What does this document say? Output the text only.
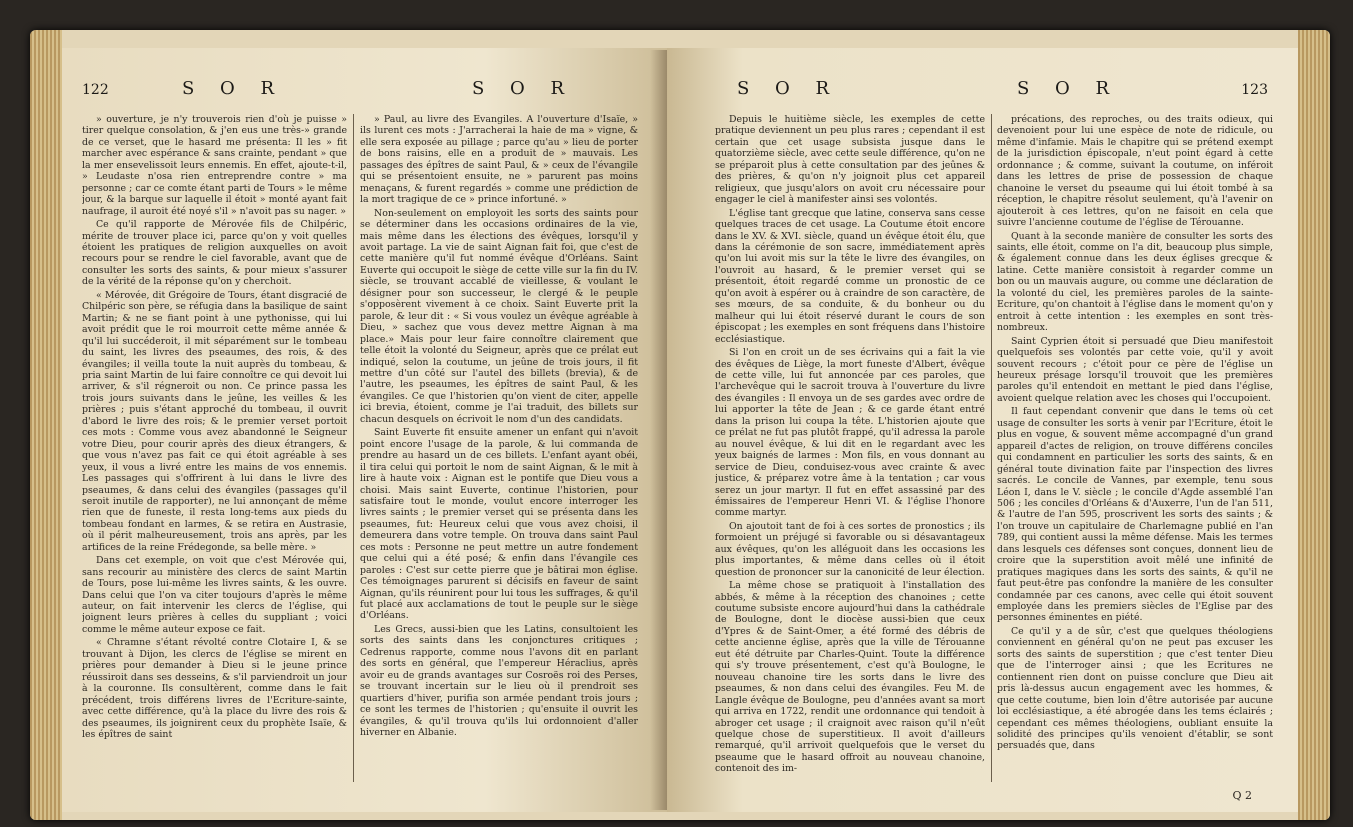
122	S O R	S O R

» ouverture, je n'y trouverois rien d'où je puisse » tirer quelque consolation, & j'en eus une très-» grande de ce verset, que le hasard me présenta: Il les » fit marcher avec espérance & sans crainte, pendant » que la mer ensevelissoit leurs ennemis. En effet, ajoute-t-il, » Leudaste n'osa rien entreprendre contre » ma personne ; car ce comte étant parti de Tours » le même jour, & la barque sur laquelle il étoit » monté ayant fait naufrage, il auroit été noyé s'il » n'avoit pas su nager. »

Ce qu'il rapporte de Mérovée fils de Chilpéric, mérite de trouver place ici, parce qu'on y voit quelles étoient les pratiques de religion auxquelles on avoit recours pour se rendre le ciel favorable, avant que de consulter les sorts des saints, & pour mieux s'assurer de la vérité de la réponse qu'on y cherchoit.

« Mérovée, dit Grégoire de Tours, étant disgracié de Chilpéric son père, se réfugia dans la basilique de saint Martin; & ne se fiant point à une pythonisse, qui lui avoit prédit que le roi mourroit cette même année & qu'il lui succéderoit, il mit séparément sur le tombeau du saint, les livres des pseaumes, des rois, & des évangiles; il veilla toute la nuit auprès du tombeau, & pria saint Martin de lui faire connoître ce qui devoit lui arriver, & s'il régneroit ou non. Ce prince passa les trois jours suivants dans le jeûne, les veilles & les prières ; puis s'étant approché du tombeau, il ouvrit d'abord le livre des rois; & le premier verset portoit ces mots : Comme vous avez abandonné le Seigneur votre Dieu, pour courir après des dieux étrangers, & que vous n'avez pas fait ce qui étoit agréable à ses yeux, il vous a livré entre les mains de vos ennemis. Les passages qui s'offrirent à lui dans le livre des pseaumes, & dans celui des évangiles (passages qu'il seroit inutile de rapporter), ne lui annonçant de même rien que de funeste, il resta long-tems aux pieds du tombeau fondant en larmes, & se retira en Austrasie, où il périt malheureusement, trois ans après, par les artifices de la reine Frédegonde, sa belle mère. »

Dans cet exemple, on voit que c'est Mérovée qui, sans recourir au ministère des clercs de saint Martin de Tours, pose lui-même les livres saints, & les ouvre. Dans celui que l'on va citer toujours d'après le même auteur, on fait intervenir les clercs de l'église, qui joignent leurs prières à celles du suppliant ; voici comme le même auteur expose ce fait.

« Chramne s'étant révolté contre Clotaire I, & se trouvant à Dijon, les clercs de l'église se mirent en prières pour demander à Dieu si le jeune prince réussiroit dans ses desseins, & s'il parviendroit un jour à la couronne. Ils consultèrent, comme dans le fait précédent, trois différens livres de l'Ecriture-sainte, avec cette différence, qu'à la place du livre des rois & des pseaumes, ils joignirent ceux du prophète Isaïe, & les épîtres de saint

» Paul, au livre des Evangiles. A l'ouverture d'Isaïe, » ils lurent ces mots : J'arracherai la haie de ma » vigne, & elle sera exposée au pillage ; parce qu'au » lieu de porter de bons raisins, elle en a produit de » mauvais. Les passages des épîtres de saint Paul, & » ceux de l'évangile qui se présentoient ensuite, ne » parurent pas moins menaçans, & furent regardés » comme une prédiction de la mort tragique de ce » prince infortuné. »

Non-seulement on employoit les sorts des saints pour se déterminer dans les occasions ordinaires de la vie, mais même dans les élections des évêques, lorsqu'il y avoit partage. La vie de saint Aignan fait foi, que c'est de cette manière qu'il fut nommé évêque d'Orléans. Saint Euverte qui occupoit le siège de cette ville sur la fin du IV. siècle, se trouvant accablé de vieillesse, & voulant le désigner pour son successeur, le clergé & le peuple s'opposèrent vivement à ce choix. Saint Euverte prit la parole, & leur dit : « Si vous voulez un évêque agréable à Dieu, » sachez que vous devez mettre Aignan à ma place.» Mais pour leur faire connoître clairement que telle étoit la volonté du Seigneur, après que ce prélat eut indiqué, selon la coutume, un jeûne de trois jours, il fit mettre d'un côté sur l'autel des billets (brevia), & de l'autre, les pseaumes, les épîtres de saint Paul, & les évangiles. Ce que l'historien qu'on vient de citer, appelle ici brevia, étoient, comme je l'ai traduit, des billets sur chacun desquels on écrivoit le nom d'un des candidats.

Saint Euverte fit ensuite amener un enfant qui n'avoit point encore l'usage de la parole, & lui commanda de prendre au hasard un de ces billets. L'enfant ayant obéi, il tira celui qui portoit le nom de saint Aignan, & le mit à lire à haute voix : Aignan est le pontife que Dieu vous a choisi. Mais saint Euverte, continue l'historien, pour satisfaire tout le monde, voulut encore interroger les livres saints ; le premier verset qui se présenta dans les pseaumes, fut: Heureux celui que vous avez choisi, il demeurera dans votre temple. On trouva dans saint Paul ces mots : Personne ne peut mettre un autre fondement que celui qui a été posé; & enfin dans l'évangile ces paroles : C'est sur cette pierre que je bâtirai mon église. Ces témoignages parurent si décisifs en faveur de saint Aignan, qu'ils réunirent pour lui tous les suffrages, & qu'il fut placé aux acclamations de tout le peuple sur le siège d'Orléans.

Les Grecs, aussi-bien que les Latins, consultoient les sorts des saints dans les conjonctures critiques ; Cedrenus rapporte, comme nous l'avons dit en parlant des sorts en général, que l'empereur Héraclius, après avoir eu de grands avantages sur Cosroës roi des Perses, se trouvant incertain sur le lieu où il prendroit ses quartiers d'hiver, purifia son armée pendant trois jours ; ce sont les termes de l'historien ; qu'ensuite il ouvrit les évangiles, & qu'il trouva qu'ils lui ordonnoient d'aller hiverner en Albanie.

S O R	S O R	123

Depuis le huitième siècle, les exemples de cette pratique deviennent un peu plus rares ; cependant il est certain que cet usage subsista jusque dans le quatorzième siècle, avec cette seule différence, qu'on ne se préparoit plus à cette consultation par des jeûnes & des prières, & qu'on n'y joignoit plus cet appareil religieux, que jusqu'alors on avoit cru nécessaire pour engager le ciel à manifester ainsi ses volontés.

L'église tant grecque que latine, conserva sans cesse quelques traces de cet usage. La Coutume étoit encore dans le XV. & XVI. siècle, quand un évêque étoit élu, que dans la cérémonie de son sacre, immédiatement après qu'on lui avoit mis sur la tête le livre des évangiles, on l'ouvroit au hasard, & le premier verset qui se présentoit, étoit regardé comme un pronostic de ce qu'on avoit à espérer ou à craindre de son caractère, de ses mœurs, de sa conduite, & du bonheur ou du malheur qui lui étoit réservé durant le cours de son épiscopat ; les exemples en sont fréquens dans l'histoire ecclésiastique.

Si l'on en croit un de ses écrivains qui a fait la vie des évêques de Liège, la mort funeste d'Albert, évêque de cette ville, lui fut annoncée par ces paroles, que l'archevêque qui le sacroit trouva à l'ouverture du livre des évangiles : Il envoya un de ses gardes avec ordre de lui apporter la tête de Jean ; & ce garde étant entré dans la prison lui coupa la tête. L'historien ajoute que ce prélat ne fut pas plutôt frappé, qu'il adressa la parole au nouvel évêque, & lui dit en le regardant avec les yeux baignés de larmes : Mon fils, en vous donnant au service de Dieu, conduisez-vous avec crainte & avec justice, & préparez votre âme à la tentation ; car vous serez un jour martyr. Il fut en effet assassiné par des émissaires de l'empereur Henri VI. & l'église l'honore comme martyr.

On ajoutoit tant de foi à ces sortes de pronostics ; ils formoient un préjugé si favorable ou si désavantageux aux évêques, qu'on les alléguoit dans les occasions les plus importantes, & même dans celles où il étoit question de prononcer sur la canonicité de leur élection.

La même chose se pratiquoit à l'installation des abbés, & même à la réception des chanoines ; cette coutume subsiste encore aujourd'hui dans la cathédrale de Boulogne, dont le diocèse aussi-bien que ceux d'Ypres & de Saint-Omer, a été formé des débris de cette ancienne église, après que la ville de Térouanne eut été détruite par Charles-Quint. Toute la différence qui s'y trouve présentement, c'est qu'à Boulogne, le nouveau chanoine tire les sorts dans le livre des pseaumes, & non dans celui des évangiles. Feu M. de Langle évêque de Boulogne, peu d'années avant sa mort qui arriva en 1722, rendit une ordonnance qui tendoit à abroger cet usage ; il craignoit avec raison qu'il n'eût quelque chose de superstitieux. Il avoit d'ailleurs remarqué, qu'il arrivoit quelquefois que le verset du pseaume que le hasard offroit au nouveau chanoine, contenoit des im-

précations, des reproches, ou des traits odieux, qui devenoient pour lui une espèce de note de ridicule, ou même d'infamie. Mais le chapitre qui se prétend exempt de la jurisdiction épiscopale, n'eut point égard à cette ordonnance ; & comme, suivant la coutume, on inféroit dans les lettres de prise de possession de chaque chanoine le verset du pseaume qui lui étoit tombé à sa réception, le chapitre résolut seulement, qu'à l'avenir on ajouteroit à ces lettres, qu'on ne faisoit en cela que suivre l'ancienne coutume de l'église de Térouanne.

Quant à la seconde manière de consulter les sorts des saints, elle étoit, comme on l'a dit, beaucoup plus simple, & également connue dans les deux églises grecque & latine. Cette manière consistoit à regarder comme un bon ou un mauvais augure, ou comme une déclaration de la volonté du ciel, les premières paroles de la sainte-Ecriture, qu'on chantoit à l'église dans le moment qu'on y entroit à cette intention : les exemples en sont très-nombreux.

Saint Cyprien étoit si persuadé que Dieu manifestoit quelquefois ses volontés par cette voie, qu'il y avoit souvent recours ; c'étoit pour ce père de l'église un heureux présage lorsqu'il trouvoit que les premières paroles qu'il entendoit en mettant le pied dans l'église, avoient quelque relation avec les choses qui l'occupoient.

Il faut cependant convenir que dans le tems où cet usage de consulter les sorts à venir par l'Ecriture, étoit le plus en vogue, & souvent même accompagné d'un grand appareil d'actes de religion, on trouve différens conciles qui condamnent en particulier les sorts des saints, & en général toute divination faite par l'inspection des livres sacrés. Le concile de Vannes, par exemple, tenu sous Léon I, dans le V. siècle ; le concile d'Agde assemblé l'an 506 ; les conciles d'Orléans & d'Auxerre, l'un de l'an 511, & l'autre de l'an 595, proscrivent les sorts des saints ; & l'on trouve un capitulaire de Charlemagne publié en l'an 789, qui contient aussi la même défense. Mais les termes dans lesquels ces défenses sont conçues, donnent lieu de croire que la superstition avoit mêlé une infinité de pratiques magiques dans les sorts des saints, & qu'il ne faut peut-être pas confondre la manière de les consulter condamnée par ces canons, avec celle qui étoit souvent employée dans les premiers siècles de l'Eglise par des personnes éminentes en piété.

Ce qu'il y a de sûr, c'est que quelques théologiens conviennent en général qu'on ne peut pas excuser les sorts des saints de superstition ; que c'est tenter Dieu que de l'interroger ainsi ; que les Ecritures ne contiennent rien dont on puisse conclure que Dieu ait pris là-dessus aucun engagement avec les hommes, & que cette coutume, bien loin d'être autorisée par aucune loi ecclésiastique, a été abrogée dans les tems éclairés ; cependant ces mêmes théologiens, oubliant ensuite la solidité des principes qu'ils venoient d'établir, se sont persuadés que, dans

Q 2
